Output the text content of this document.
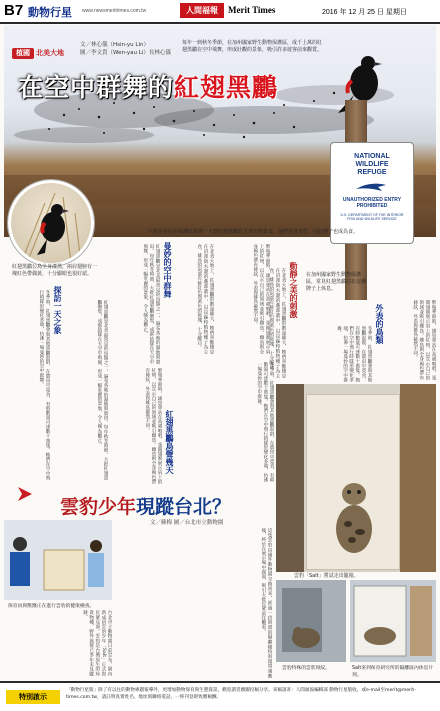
B7 動物行星 www.newsmeritrimes.com.tw	人間福報	Merit Times	2016 年 12 月 25 日 星期日
植國 北美大地
文／林心儀（Hsin-yu Lin）
圖／李文貴（Wen-yau Li）長林心儀
每年一到秋冬季節，在加州國家野生動物保護區，成千上萬的紅翅黑鸝在空中飛舞，形成壯觀的景象，吸引許多遊客前來觀賞。
在空中群舞的紅翅黑鸝
NATIONAL
WILDLIFE
REFUGE
UNAUTHORIZED ENTRY
PROHIBITED
U.S. DEPARTMENT OF THE INTERIOR
FISH AND WILDLIFE SERVICE
只要是在原州保護區每到一大群紅翅黑鸝在玉米田裡覓食，他們是覓食性，因此種子也成為食。
紅翅黑鸝公鳥全身漆黑，兩肩翅膀有一塊紅色帶偶黃，十分顯眼也很好認。	曼妙的空中群舞
紅翅黑鸝是北美最常見的鳥類之一，遍布各地的濕地與農田。每年秋冬時節，大批紅翅黑鸝聚集，成群結隊在天空中飛舞，形成一幅壯麗的景象，令人嘆為觀止。	在北美大地上，紅翅黑鸝的數量龐大，牠們喜歡棲息在沼澤與水邊的蘆葦叢中，以昆蟲和植物種子為主食。雄鳥的肩部有鮮紅色與黃色的斑塊，十分醒目。	繁殖季節時，雄鳥會站在高處鳴唱，張開翅膀展示肩上的紅斑，以宣示自己的領域並吸引雌鳥。雌鳥則全身褐色帶有條紋，外表與雄鳥截然不同。
探訪一天之象
冬季時，紅翅黑鸝會與其他黑鸝混群，在農田中覓食，有時數量可達數十萬隻。牠們在空中飛行時隊形變化多端，彷彿一場曼妙的空中群舞。	紅翅黑鸝是北美最常見的鳥類之一，遍布各地的濕地與農田。每年秋冬時節，大批紅翅黑鸝聚集，成群結隊在天空中飛舞，形成一幅壯麗的景象，令人嘆為觀止。
動靜之美的刺激
在北美大地上，紅翅黑鸝的數量龐大，牠們喜歡棲息在沼澤與水邊的蘆葦叢中，以昆蟲和植物種子為主食。雄鳥的肩部有鮮紅色與黃色的斑塊，十分醒目。	在加州國家野生動物保護區，常見紅翅黑鸝站在這種牌子上休息。
外表的鳥類	繁殖季節時，雄鳥會站在高處鳴唱，張開翅膀展示肩上的紅斑，以宣示自己的領域並吸引雌鳥。雌鳥則全身褐色帶有條紋，外表與雄鳥截然不同。
冬季時，紅翅黑鸝會與其他黑鸝混群，在農田中覓食，有時數量可達數十萬隻。牠們在空中飛行時隊形變化多端，彷彿一場曼妙的空中群舞。
紅翅黑鸝鳥聲幾天
繁殖季節時，雄鳥會站在高處鳴唱，張開翅膀展示肩上的紅斑，以宣示自己的領域並吸引雌鳥。雌鳥則全身褐色帶有條紋，外表與雄鳥截然不同。	冬季時，紅翅黑鸝會與其他黑鸝混群，在農田中覓食，有時數量可達數十萬隻。牠們在空中飛行時隊形變化多端，彷彿一場曼妙的空中群舞。
雲豹「Salt」嘗試走出籠箱。
雲豹特殊的雲狀斑紋。	Salt來到保育研究所的隔離區內休息片刻。
雲豹少年現蹤台北？
文／蘇梅 圖／台北市立動物園
保育員與獸醫正在進行雲豹的健康檢查。
台北市立動物園日前宣布，園內新成員雲豹少年「Salt」正式與民眾見面。雲豹是台灣原生的珍貴物種，野外族群已多年未見蹤跡。	這隻雲豹由國外動物園交換而來，經過一段時間的隔離檢疫與環境適應後，終於在展示場中露面，吸引大批民眾前往觀看。
特別啟示
「動物行星版」除了有以往的動物專題報導外，更增加動物保育與生態資訊，歡迎讀者踴躍投稿分享。來稿請寄：人間福報編輯部 動物行星版收，或e-mail至merit@merit-times.com.tw，請註明真實姓名、地址與聯絡電話，一經刊登即致贈稿酬。
